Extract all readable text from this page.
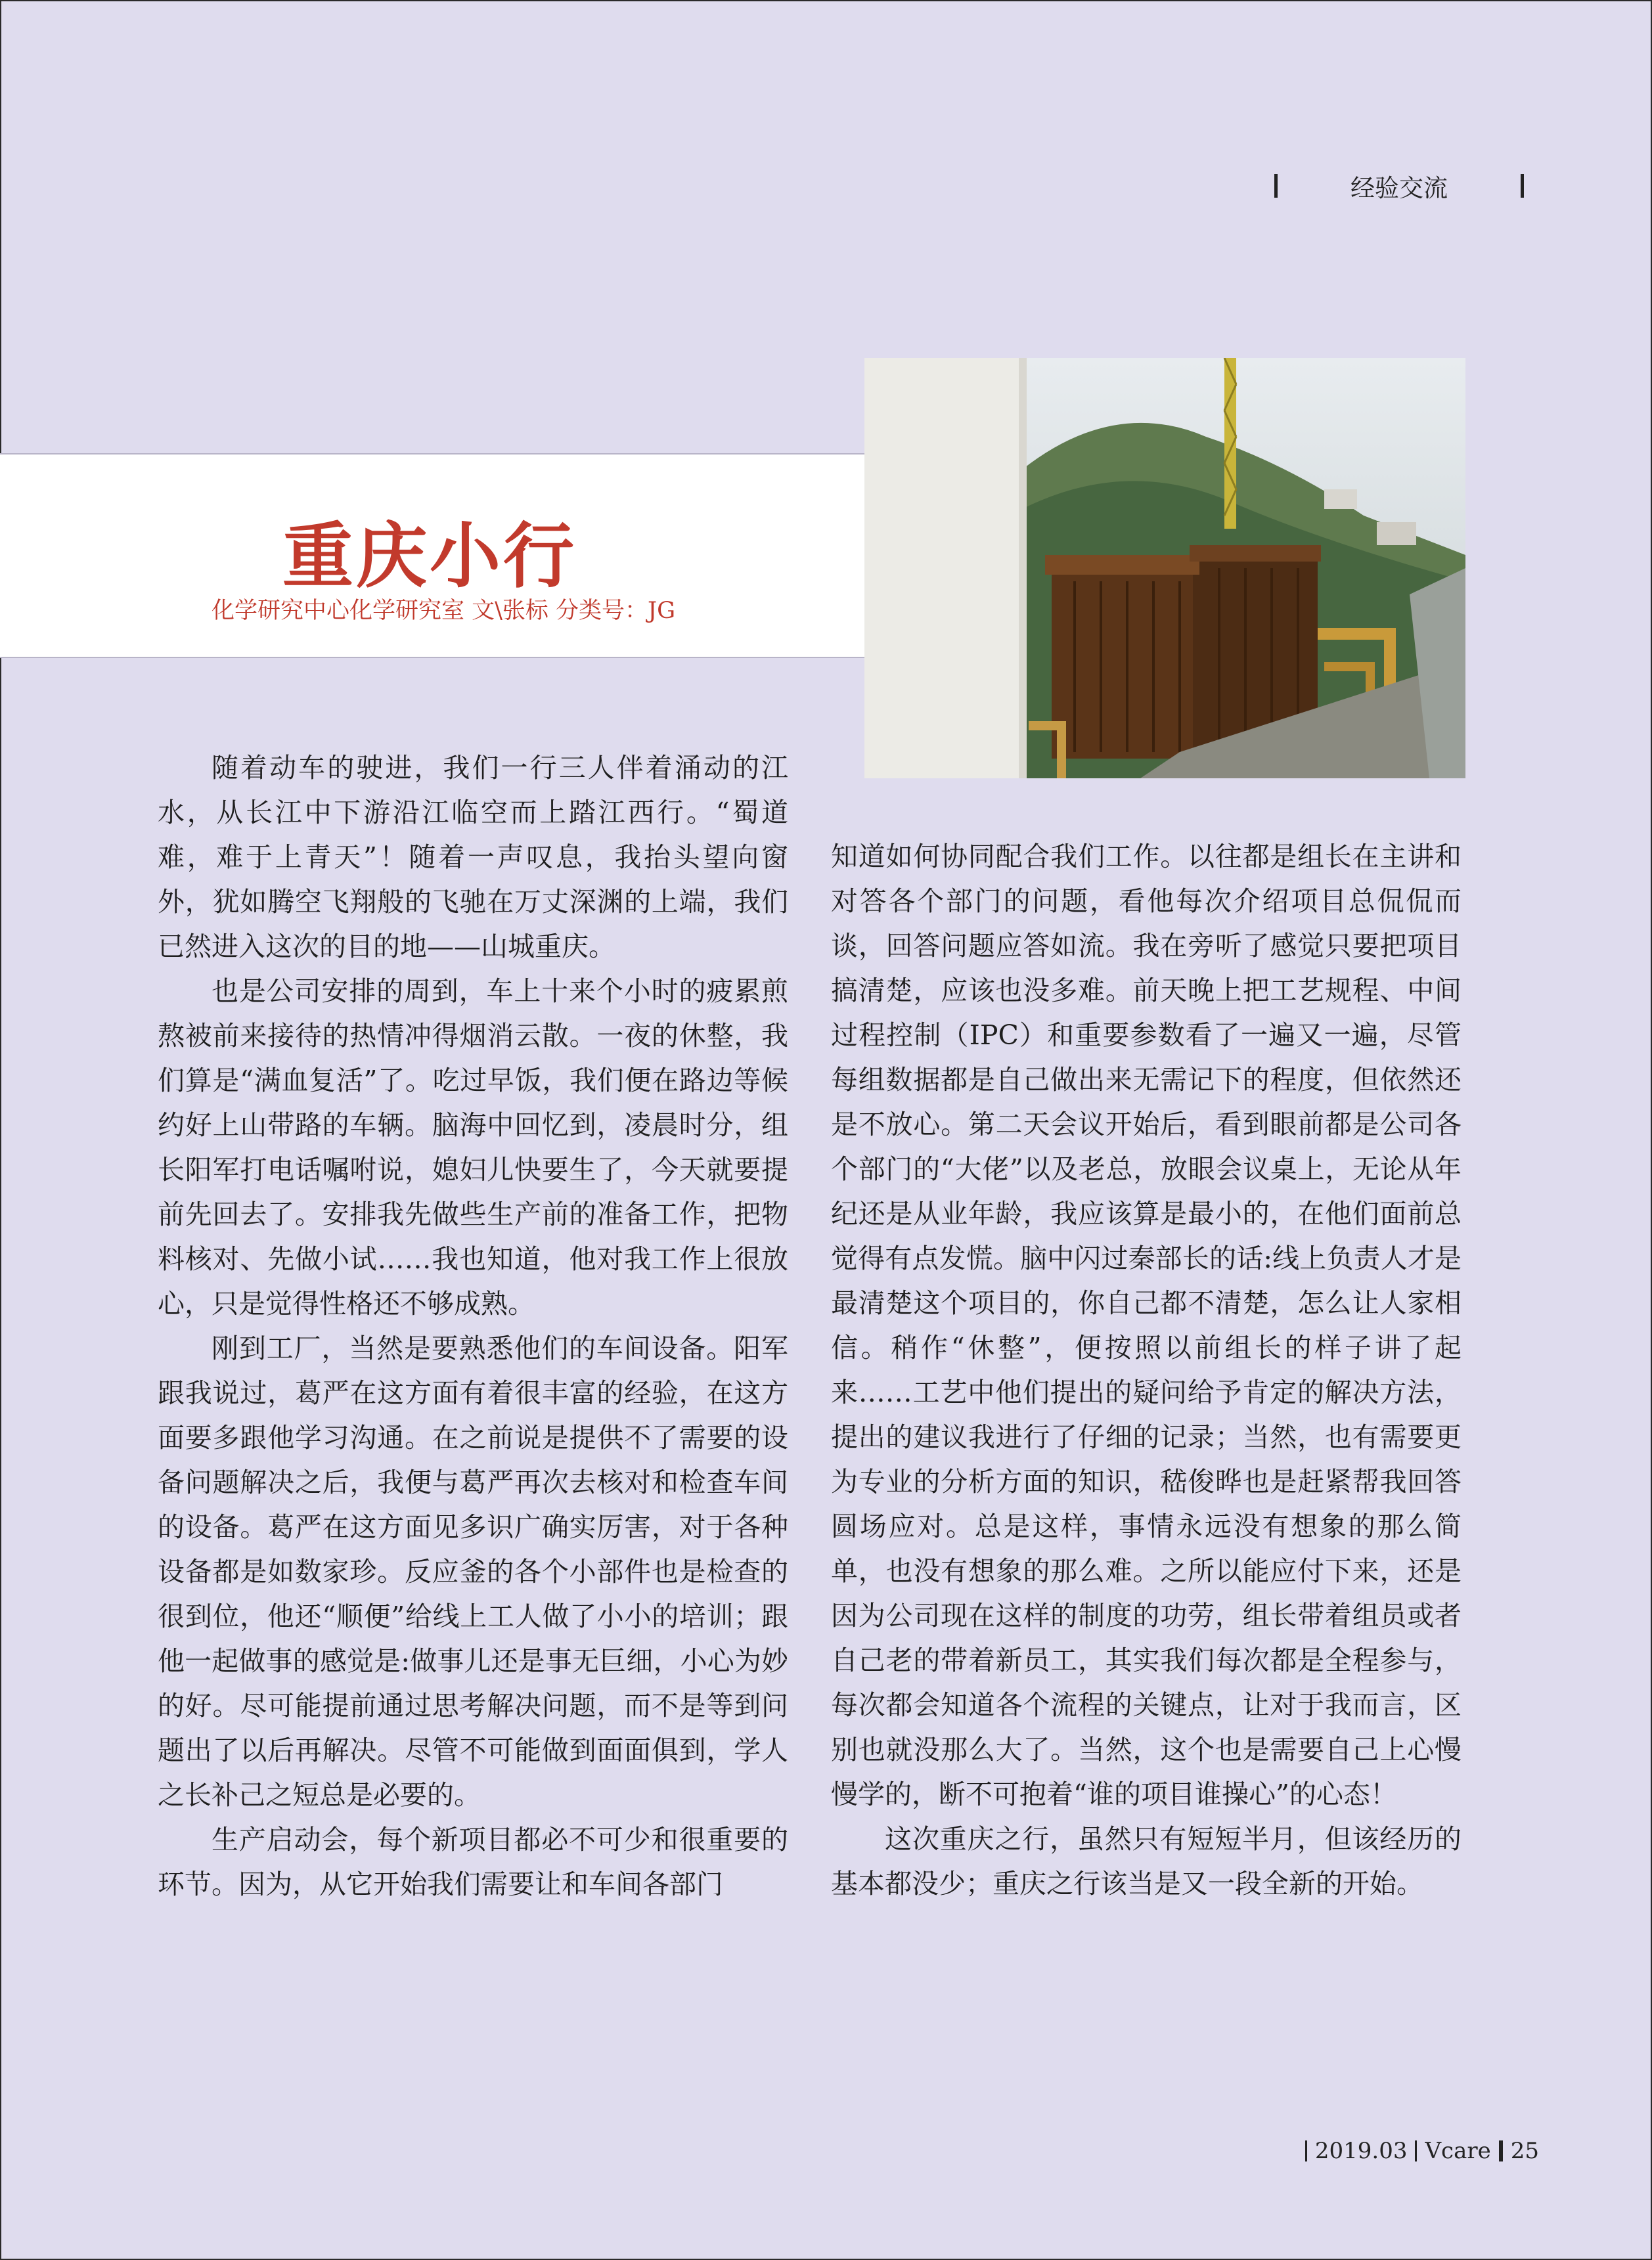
经验交流
重庆小行
化学研究中心化学研究室 文\张标 分类号：JG

随着动车的驶进，我们一行三人伴着涌动的江水，从长江中下游沿江临空而上踏江西行。“蜀道难，难于上青天”！随着一声叹息，我抬头望向窗外，犹如腾空飞翔般的飞驰在万丈深渊的上端，我们已然进入这次的目的地——山城重庆。

也是公司安排的周到，车上十来个小时的疲累煎熬被前来接待的热情冲得烟消云散。一夜的休整，我们算是“满血复活”了。吃过早饭，我们便在路边等候约好上山带路的车辆。脑海中回忆到，凌晨时分，组长阳军打电话嘱咐说，媳妇儿快要生了，今天就要提前先回去了。安排我先做些生产前的准备工作，把物料核对、先做小试……我也知道，他对我工作上很放心，只是觉得性格还不够成熟。

刚到工厂，当然是要熟悉他们的车间设备。阳军跟我说过，葛严在这方面有着很丰富的经验，在这方面要多跟他学习沟通。在之前说是提供不了需要的设备问题解决之后，我便与葛严再次去核对和检查车间的设备。葛严在这方面见多识广确实厉害，对于各种设备都是如数家珍。反应釜的各个小部件也是检查的很到位，他还“顺便”给线上工人做了小小的培训；跟他一起做事的感觉是:做事儿还是事无巨细，小心为妙的好。尽可能提前通过思考解决问题，而不是等到问题出了以后再解决。尽管不可能做到面面俱到，学人之长补己之短总是必要的。

生产启动会，每个新项目都必不可少和很重要的环节。因为，从它开始我们需要让和车间各部门

知道如何协同配合我们工作。以往都是组长在主讲和对答各个部门的问题，看他每次介绍项目总侃侃而谈，回答问题应答如流。我在旁听了感觉只要把项目搞清楚，应该也没多难。前天晚上把工艺规程、中间过程控制（IPC）和重要参数看了一遍又一遍，尽管每组数据都是自己做出来无需记下的程度，但依然还是不放心。第二天会议开始后，看到眼前都是公司各个部门的“大佬”以及老总，放眼会议桌上，无论从年纪还是从业年龄，我应该算是最小的，在他们面前总觉得有点发慌。脑中闪过秦部长的话:线上负责人才是最清楚这个项目的，你自己都不清楚，怎么让人家相信。稍作“休整”，便按照以前组长的样子讲了起来……工艺中他们提出的疑问给予肯定的解决方法，提出的建议我进行了仔细的记录；当然，也有需要更为专业的分析方面的知识，嵇俊晔也是赶紧帮我回答圆场应对。总是这样，事情永远没有想象的那么简单，也没有想象的那么难。之所以能应付下来，还是因为公司现在这样的制度的功劳，组长带着组员或者自己老的带着新员工，其实我们每次都是全程参与，每次都会知道各个流程的关键点，让对于我而言，区别也就没那么大了。当然，这个也是需要自己上心慢慢学的，断不可抱着“谁的项目谁操心”的心态！

这次重庆之行，虽然只有短短半月，但该经历的基本都没少；重庆之行该当是又一段全新的开始。

2019.03 Vcare 25
